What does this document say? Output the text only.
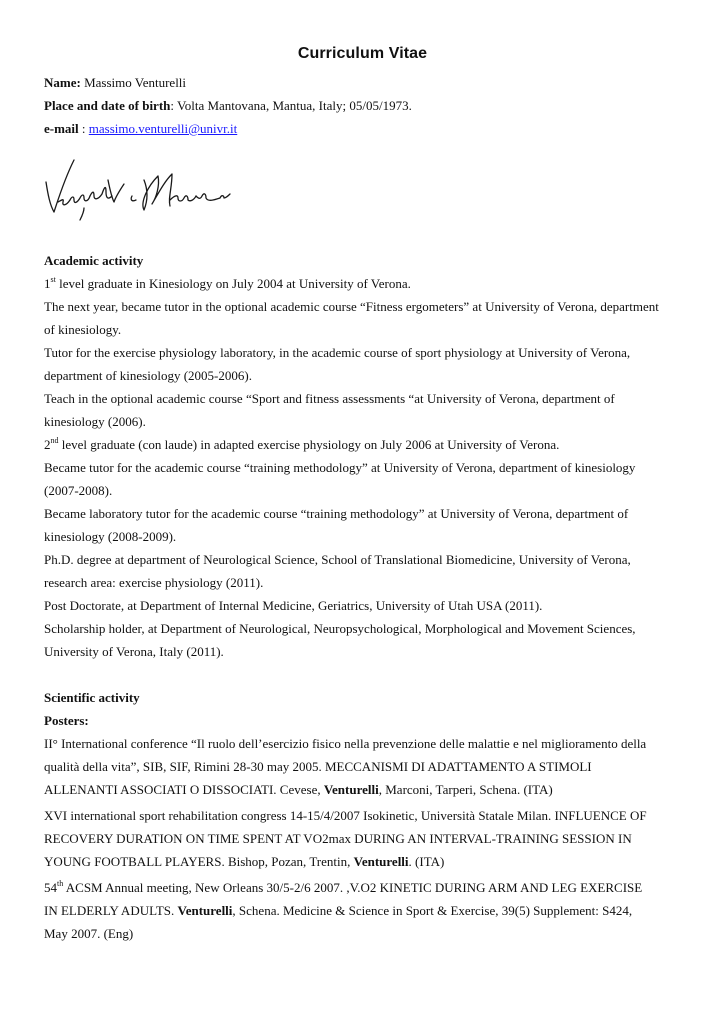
Curriculum Vitae
Name: Massimo Venturelli
Place and date of birth: Volta Mantovana, Mantua, Italy; 05/05/1973.
e-mail : massimo.venturelli@univr.it
Academic activity
1st level graduate in Kinesiology on July 2004 at University of Verona.
The next year, became tutor in the optional academic course “Fitness ergometers” at University of Verona, department
of kinesiology.
Tutor for the exercise physiology laboratory, in the academic course of sport physiology at University of Verona,
department of kinesiology (2005-2006).
Teach in the optional academic course “Sport and fitness assessments “at University of Verona, department of
kinesiology (2006).
2nd level graduate (con laude) in adapted exercise physiology on July 2006 at University of Verona.
Became tutor for the academic course “training methodology” at University of Verona, department of kinesiology
(2007-2008).
Became laboratory tutor for the academic course “training methodology” at University of Verona, department of
kinesiology (2008-2009).
Ph.D. degree at department of Neurological Science, School of Translational Biomedicine, University of Verona,
research area: exercise physiology (2011).
Post Doctorate, at Department of Internal Medicine, Geriatrics, University of Utah USA (2011).
Scholarship holder, at Department of Neurological, Neuropsychological, Morphological and Movement Sciences,
University of Verona, Italy (2011).
Scientific activity
Posters:
II° International conference “Il ruolo dell’esercizio fisico nella prevenzione delle malattie e nel miglioramento della
qualità della vita”, SIB, SIF, Rimini 28-30 may 2005. MECCANISMI DI ADATTAMENTO A STIMOLI
ALLENANTI ASSOCIATI O DISSOCIATI. Cevese, Venturelli, Marconi, Tarperi, Schena. (ITA)
XVI international sport rehabilitation congress 14-15/4/2007 Isokinetic, Università Statale Milan. INFLUENCE OF
RECOVERY DURATION ON TIME SPENT AT VO2max DURING AN INTERVAL-TRAINING SESSION IN
YOUNG FOOTBALL PLAYERS. Bishop, Pozan, Trentin, Venturelli. (ITA)
54th ACSM Annual meeting, New Orleans 30/5-2/6 2007. ,V.O2 KINETIC DURING ARM AND LEG EXERCISE
IN ELDERLY ADULTS. Venturelli, Schena. Medicine & Science in Sport & Exercise, 39(5) Supplement: S424,
May 2007. (Eng)
